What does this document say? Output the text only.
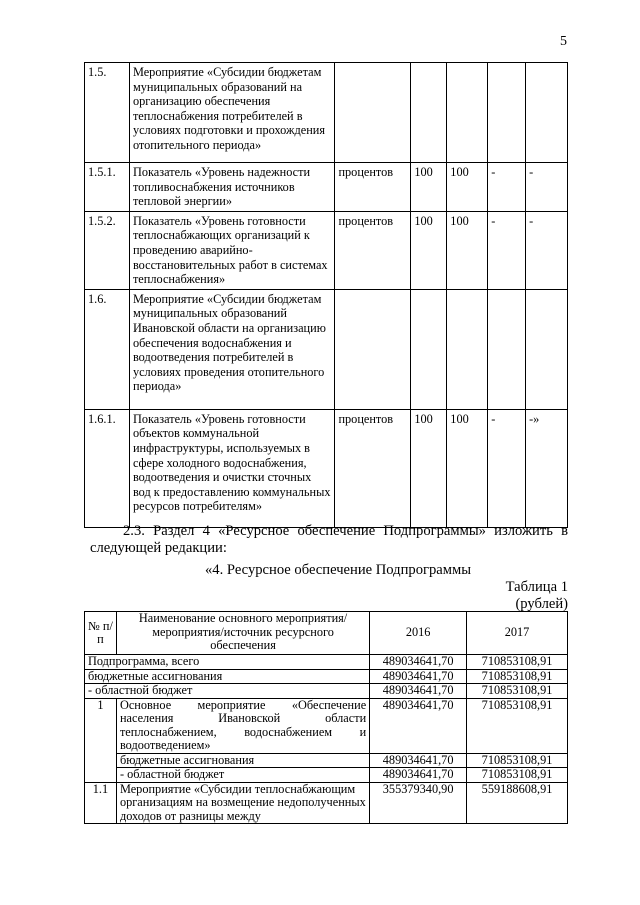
5
1.5.	Мероприятие «Субсидии бюджетам муниципальных образований на организацию обеспечения теплоснабжения потребителей в условиях подготовки и прохождения отопительного периода»					
1.5.1.	Показатель «Уровень надежности топливоснабжения источников тепловой энергии»	процентов	100	100	-	-
1.5.2.	Показатель «Уровень готовности теплоснабжающих организаций к проведению аварийно-восстановительных работ в системах теплоснабжения»	процентов	100	100	-	-
1.6.	Мероприятие «Субсидии бюджетам муниципальных образований Ивановской области на организацию обеспечения водоснабжения и водоотведения потребителей в условиях проведения отопительного периода»					
1.6.1.	Показатель «Уровень готовности объектов коммунальной инфраструктуры, используемых в сфере холодного водоснабжения, водоотведения и очистки сточных вод к предоставлению коммунальных ресурсов потребителям»	процентов	100	100	-	-»
2.3. Раздел 4 «Ресурсное обеспечение Подпрограммы» изложить в следующей редакции:
«4. Ресурсное обеспечение Подпрограммы
Таблица 1
(рублей)
№ п/п	Наименование основного мероприятия/ мероприятия/источник ресурсного обеспечения	2016	2017
Подпрограмма, всего		489034641,70	710853108,91
бюджетные ассигнования		489034641,70	710853108,91
- областной бюджет		489034641,70	710853108,91
1	Основное мероприятие «Обеспечение населения Ивановской области теплоснабжением, водоснабжением и водоотведением»	489034641,70	710853108,91
	бюджетные ассигнования	489034641,70	710853108,91
	- областной бюджет	489034641,70	710853108,91
1.1	Мероприятие «Субсидии теплоснабжающим организациям на возмещение недополученных доходов от разницы между	355379340,90	559188608,91
